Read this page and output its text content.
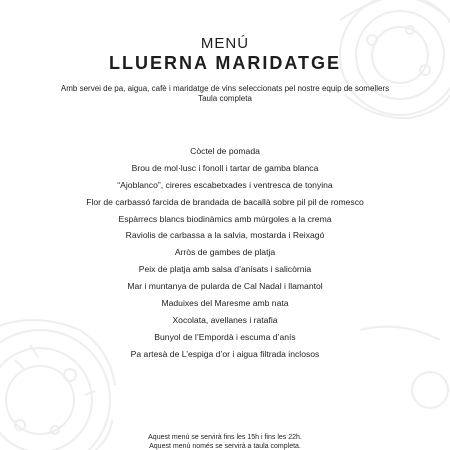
MENÚ
LLUERNA MARIDATGE
Amb servei de pa, aigua, cafè i maridatge de vins seleccionats pel nostre equip de somellers
Taula completa
Còctel de pomada
Brou de mol·lusc i fonoll i tartar de gamba blanca
“Ajoblanco”, cireres escabetxades i ventresca de tonyina
Flor de carbassó farcida de brandada de bacallà sobre pil pil de romesco
Espàrrecs blancs biodinàmics amb múrgoles a la crema
Raviolis de carbassa a la salvia, mostarda i Reixagó
Arròs de gambes de platja
Peix de platja amb salsa d’anisats i salicòrnia
Mar i muntanya de pularda de Cal Nadal i llamantol
Maduixes del Maresme amb nata
Xocolata, avellanes i ratafia
Bunyol de l’Empordà i escuma d’anís
Pa artesà de L’espiga d’or i aigua filtrada inclosos
Aquest menú se servirà fins les 15h i fins les 22h.
Aquest menú només se servirà a taula completa.
